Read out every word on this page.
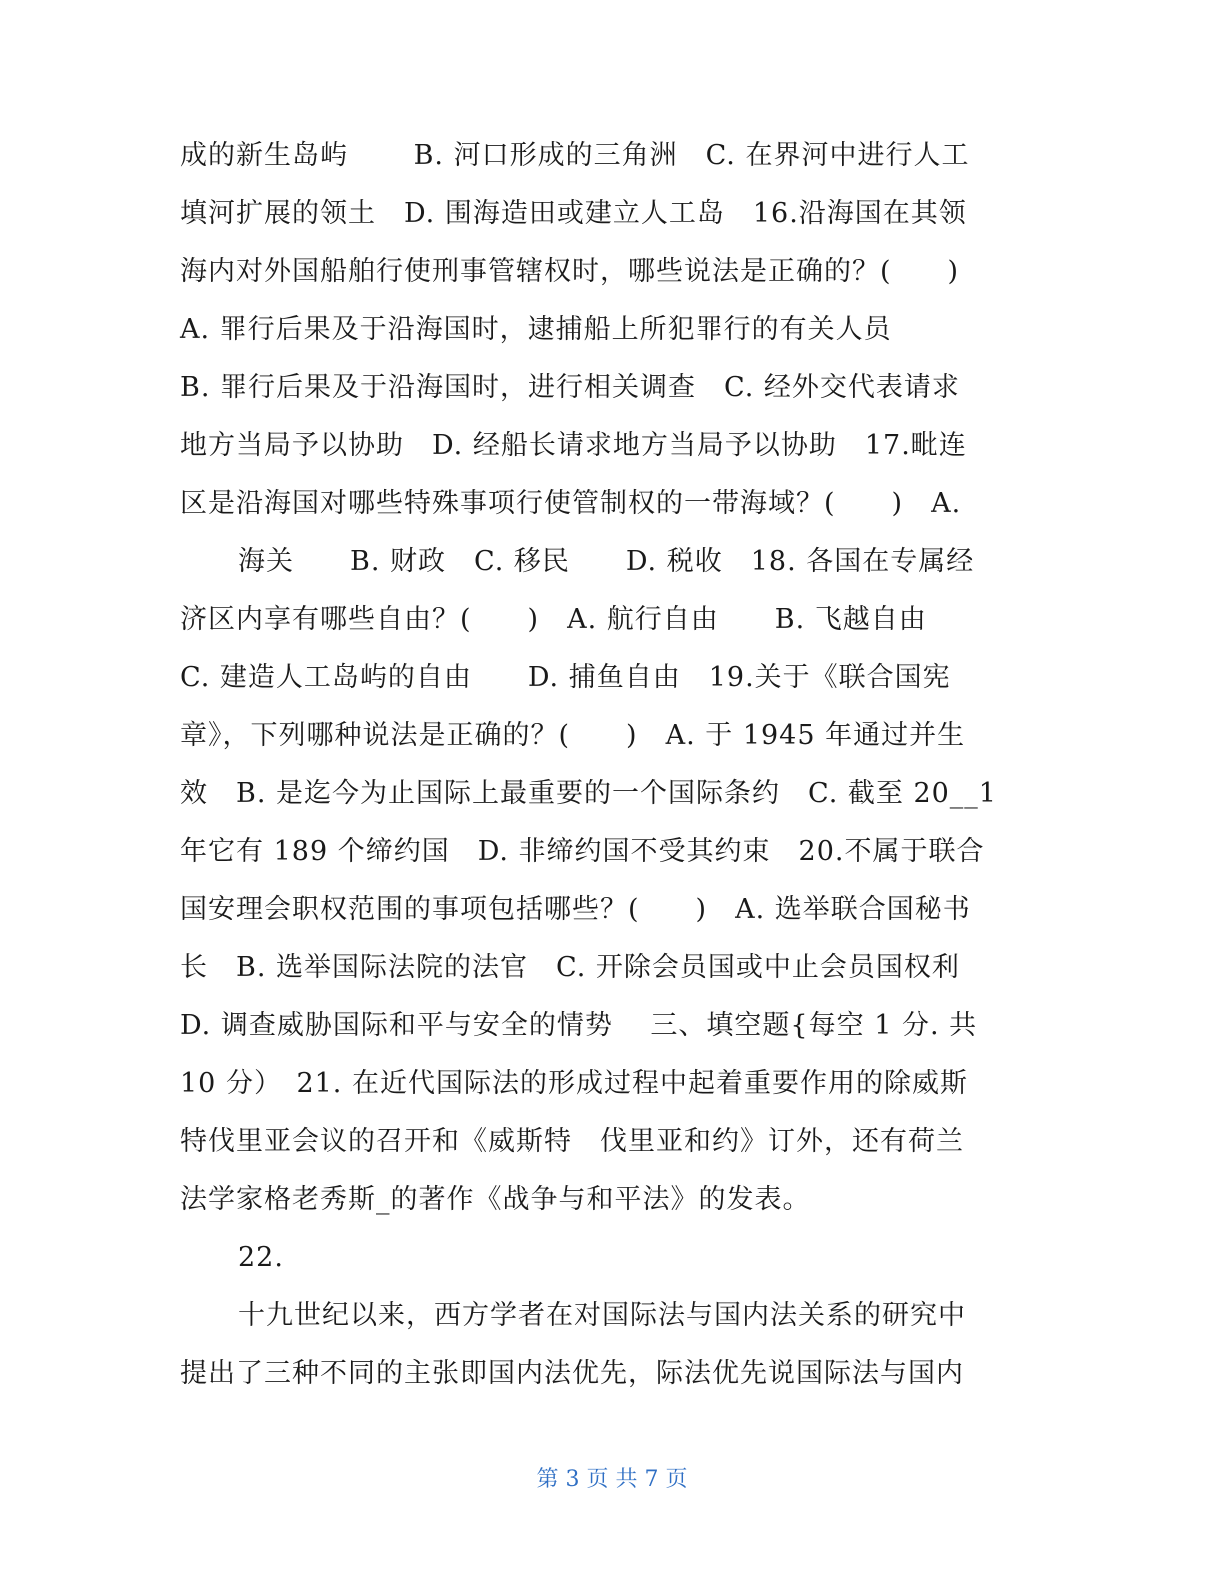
成的新生岛屿　　 B. 河口形成的三角洲　C. 在界河中进行人工
填河扩展的领土　D. 围海造田或建立人工岛　16.沿海国在其领
海内对外国船舶行使刑事管辖权时，哪些说法是正确的？(　　)
A. 罪行后果及于沿海国时，逮捕船上所犯罪行的有关人员
B. 罪行后果及于沿海国时，进行相关调查　C. 经外交代表请求
地方当局予以协助　D. 经船长请求地方当局予以协助　17.毗连
区是沿海国对哪些特殊事项行使管制权的一带海域？(　　)　A.
海关　　B. 财政　C. 移民　　D. 税收　18. 各国在专属经
济区内享有哪些自由？(　　)　A. 航行自由　　B. 飞越自由
C. 建造人工岛屿的自由　　D. 捕鱼自由　19.关于《联合国宪
章》，下列哪种说法是正确的？(　　)　A. 于 1945 年通过并生
效　B. 是迄今为止国际上最重要的一个国际条约　C. 截至 20__1
年它有 189 个缔约国　D. 非缔约国不受其约束　20.不属于联合
国安理会职权范围的事项包括哪些？(　　)　A. 选举联合国秘书
长　B. 选举国际法院的法官　C. 开除会员国或中止会员国权利
D. 调查威胁国际和平与安全的情势　 三、填空题{每空 1 分. 共
10 分）　21. 在近代国际法的形成过程中起着重要作用的除威斯
特伐里亚会议的召开和《威斯特　伐里亚和约》订外，还有荷兰
法学家格老秀斯_的著作《战争与和平法》的发表。
22.
十九世纪以来，西方学者在对国际法与国内法关系的研究中
提出了三种不同的主张即国内法优先，际法优先说国际法与国内
第 3 页 共 7 页
